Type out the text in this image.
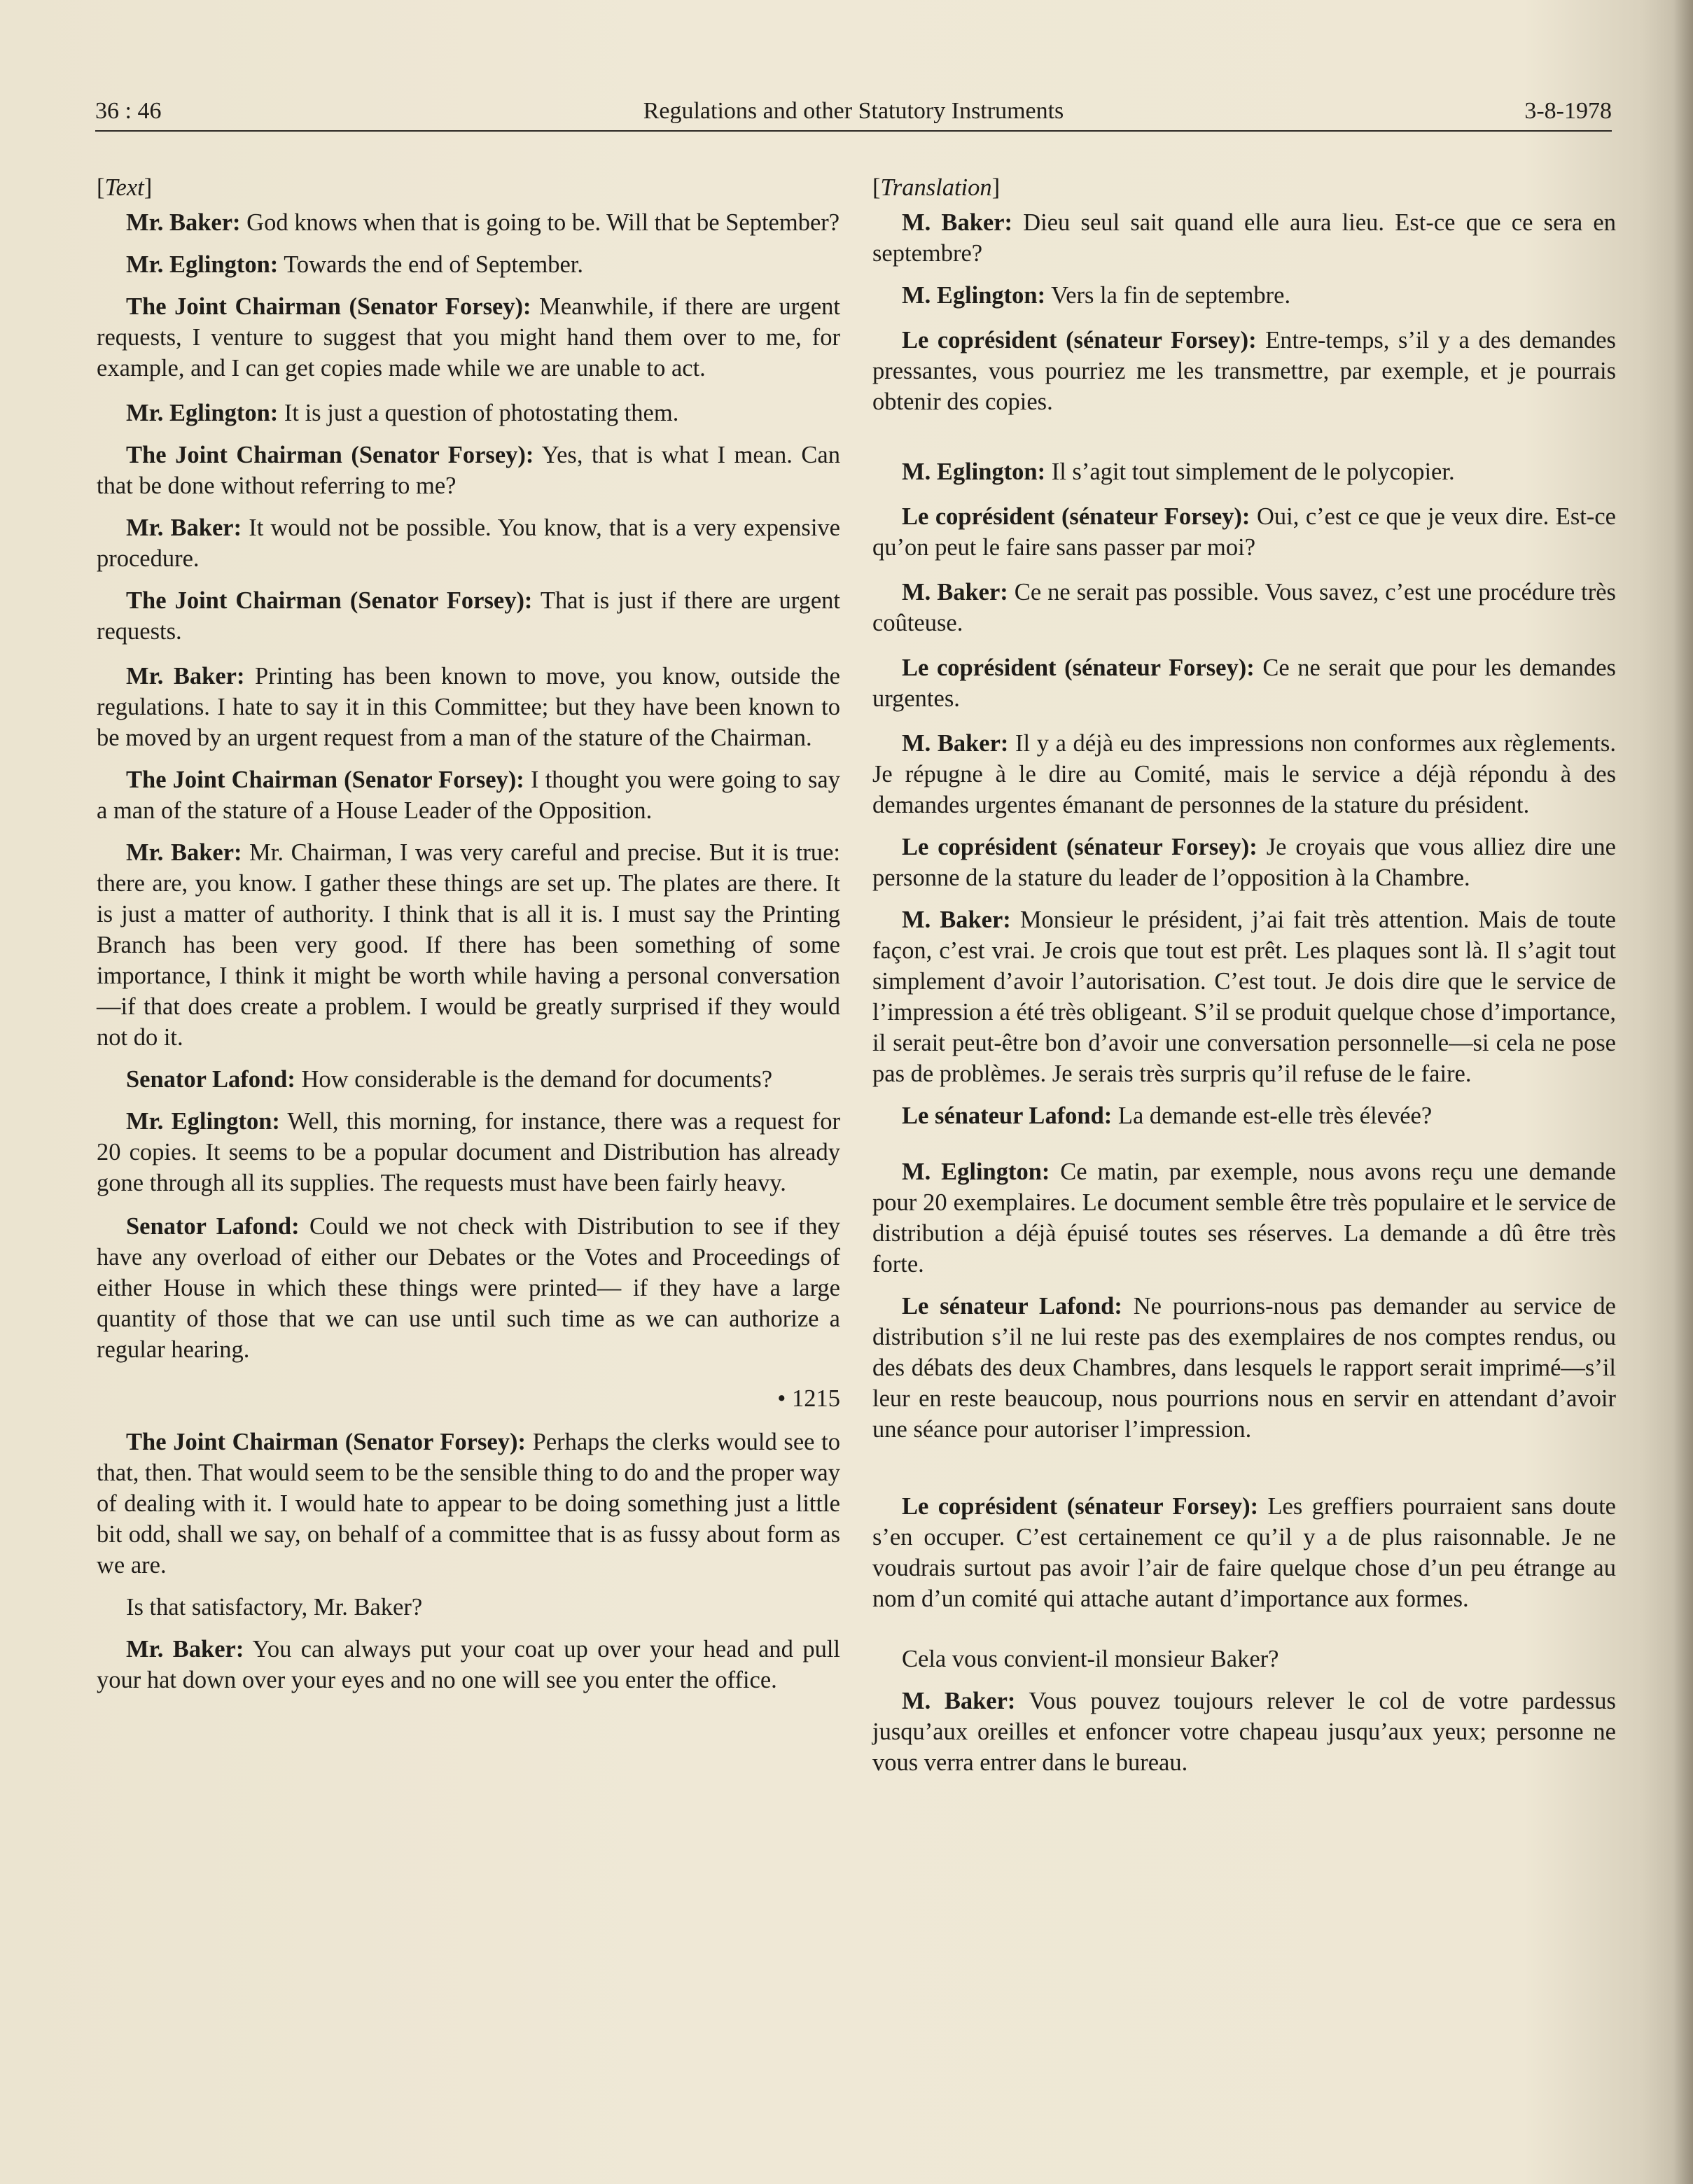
36 : 46	Regulations and other Statutory Instruments	3-8-1978
[Text]

Mr. Baker: God knows when that is going to be. Will that be September?

Mr. Eglington: Towards the end of September.

The Joint Chairman (Senator Forsey): Meanwhile, if there are urgent requests, I venture to suggest that you might hand them over to me, for example, and I can get copies made while we are unable to act.

Mr. Eglington: It is just a question of photostating them.

The Joint Chairman (Senator Forsey): Yes, that is what I mean. Can that be done without referring to me?

Mr. Baker: It would not be possible. You know, that is a very expensive procedure.

The Joint Chairman (Senator Forsey): That is just if there are urgent requests.

Mr. Baker: Printing has been known to move, you know, outside the regulations. I hate to say it in this Committee; but they have been known to be moved by an urgent request from a man of the stature of the Chairman.

The Joint Chairman (Senator Forsey): I thought you were going to say a man of the stature of a House Leader of the Opposition.

Mr. Baker: Mr. Chairman, I was very careful and precise. But it is true: there are, you know. I gather these things are set up. The plates are there. It is just a matter of authority. I think that is all it is. I must say the Printing Branch has been very good. If there has been something of some importance, I think it might be worth while having a personal conversation—if that does create a problem. I would be greatly surprised if they would not do it.

Senator Lafond: How considerable is the demand for documents?

Mr. Eglington: Well, this morning, for instance, there was a request for 20 copies. It seems to be a popular document and Distribution has already gone through all its supplies. The requests must have been fairly heavy.

Senator Lafond: Could we not check with Distribution to see if they have any overload of either our Debates or the Votes and Proceedings of either House in which these things were printed— if they have a large quantity of those that we can use until such time as we can authorize a regular hearing.

• 1215

The Joint Chairman (Senator Forsey): Perhaps the clerks would see to that, then. That would seem to be the sensible thing to do and the proper way of dealing with it. I would hate to appear to be doing something just a little bit odd, shall we say, on behalf of a committee that is as fussy about form as we are.

Is that satisfactory, Mr. Baker?

Mr. Baker: You can always put your coat up over your head and pull your hat down over your eyes and no one will see you enter the office.

[Translation]

M. Baker: Dieu seul sait quand elle aura lieu. Est-ce que ce sera en septembre?

M. Eglington: Vers la fin de septembre.

Le coprésident (sénateur Forsey): Entre-temps, s’il y a des demandes pressantes, vous pourriez me les transmettre, par exemple, et je pourrais obtenir des copies.

M. Eglington: Il s’agit tout simplement de le polycopier.

Le coprésident (sénateur Forsey): Oui, c’est ce que je veux dire. Est-ce qu’on peut le faire sans passer par moi?

M. Baker: Ce ne serait pas possible. Vous savez, c’est une procédure très coûteuse.

Le coprésident (sénateur Forsey): Ce ne serait que pour les demandes urgentes.

M. Baker: Il y a déjà eu des impressions non conformes aux règlements. Je répugne à le dire au Comité, mais le service a déjà répondu à des demandes urgentes émanant de personnes de la stature du président.

Le coprésident (sénateur Forsey): Je croyais que vous alliez dire une personne de la stature du leader de l’opposition à la Chambre.

M. Baker: Monsieur le président, j’ai fait très attention. Mais de toute façon, c’est vrai. Je crois que tout est prêt. Les plaques sont là. Il s’agit tout simplement d’avoir l’autorisation. C’est tout. Je dois dire que le service de l’impression a été très obligeant. S’il se produit quelque chose d’importance, il serait peut-être bon d’avoir une conversation personnelle—si cela ne pose pas de problèmes. Je serais très surpris qu’il refuse de le faire.

Le sénateur Lafond: La demande est-elle très élevée?

M. Eglington: Ce matin, par exemple, nous avons reçu une demande pour 20 exemplaires. Le document semble être très populaire et le service de distribution a déjà épuisé toutes ses réserves. La demande a dû être très forte.

Le sénateur Lafond: Ne pourrions-nous pas demander au service de distribution s’il ne lui reste pas des exemplaires de nos comptes rendus, ou des débats des deux Chambres, dans lesquels le rapport serait imprimé—s’il leur en reste beaucoup, nous pourrions nous en servir en attendant d’avoir une séance pour autoriser l’impression.

Le coprésident (sénateur Forsey): Les greffiers pourraient sans doute s’en occuper. C’est certainement ce qu’il y a de plus raisonnable. Je ne voudrais surtout pas avoir l’air de faire quelque chose d’un peu étrange au nom d’un comité qui attache autant d’importance aux formes.

Cela vous convient-il monsieur Baker?

M. Baker: Vous pouvez toujours relever le col de votre pardessus jusqu’aux oreilles et enfoncer votre chapeau jusqu’aux yeux; personne ne vous verra entrer dans le bureau.
